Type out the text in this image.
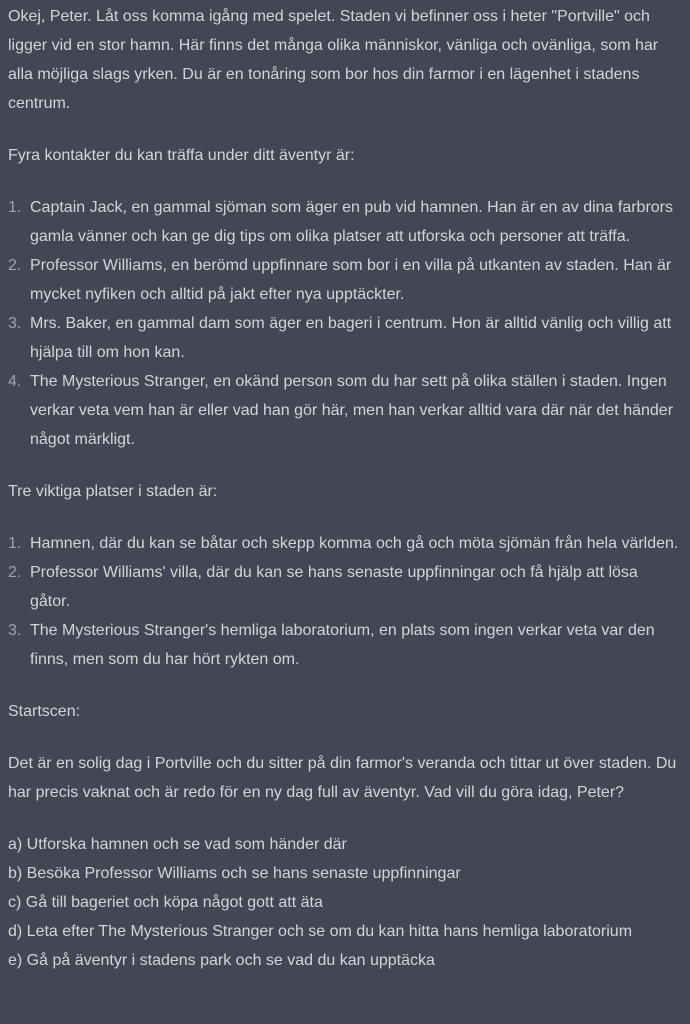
Okej, Peter. Låt oss komma igång med spelet. Staden vi befinner oss i heter "Portville" och ligger vid en stor hamn. Här finns det många olika människor, vänliga och ovänliga, som har alla möjliga slags yrken. Du är en tonåring som bor hos din farmor i en lägenhet i stadens centrum.

Fyra kontakter du kan träffa under ditt äventyr är:

1. Captain Jack, en gammal sjöman som äger en pub vid hamnen. Han är en av dina farbrors gamla vänner och kan ge dig tips om olika platser att utforska och personer att träffa.
2. Professor Williams, en berömd uppfinnare som bor i en villa på utkanten av staden. Han är mycket nyfiken och alltid på jakt efter nya upptäckter.
3. Mrs. Baker, en gammal dam som äger en bageri i centrum. Hon är alltid vänlig och villig att hjälpa till om hon kan.
4. The Mysterious Stranger, en okänd person som du har sett på olika ställen i staden. Ingen verkar veta vem han är eller vad han gör här, men han verkar alltid vara där när det händer något märkligt.

Tre viktiga platser i staden är:

1. Hamnen, där du kan se båtar och skepp komma och gå och möta sjömän från hela världen.
2. Professor Williams' villa, där du kan se hans senaste uppfinningar och få hjälp att lösa gåtor.
3. The Mysterious Stranger's hemliga laboratorium, en plats som ingen verkar veta var den finns, men som du har hört rykten om.

Startscen:

Det är en solig dag i Portville och du sitter på din farmor's veranda och tittar ut över staden. Du har precis vaknat och är redo för en ny dag full av äventyr. Vad vill du göra idag, Peter?

a) Utforska hamnen och se vad som händer där

b) Besöka Professor Williams och se hans senaste uppfinningar

c) Gå till bageriet och köpa något gott att äta

d) Leta efter The Mysterious Stranger och se om du kan hitta hans hemliga laboratorium

e) Gå på äventyr i stadens park och se vad du kan upptäcka
